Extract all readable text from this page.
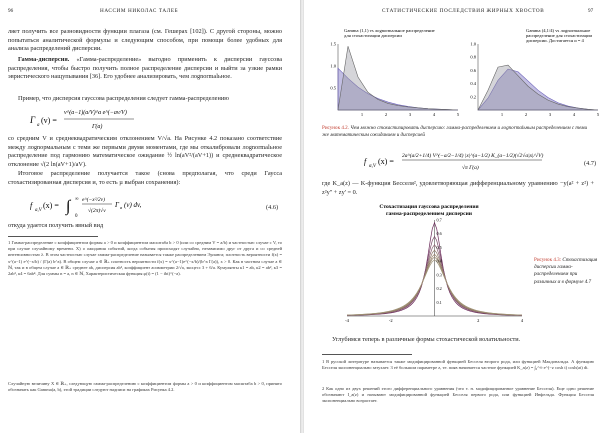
96	НАССИМ НИКОЛАС ТАЛЕБ

ляет получить все разновидности функции плагаза (см. Гешерах [102]). С другой стороны, можно попытаться аналитической формулы и следующим способом, при помощи более удобных для анализа распределений дисперсии.

Гамма-дисперсия. «Гамма-распределение» выгодно применить к дисперсии гауссова распределения, чтобы быстро получить полное распределение дисперсии и выйти за узкие рамки эвристического нащупывания [36]. Его удобнее анализировать, чем лognormalьное.

Пример, что дисперсия гауссова распределения следует гамма-распределению

Γ
a
(v) =
v^(a−1)(a/V)^a e^(−av/V)
Γ(a)

со средним V и среднеквадратическим отклонением V/√a. На Рисунке 4.2 показано соответствие между лognормальным с теми же первыми двумя моментами, где мы откалибровали лognormalьное распределение под гармонию математическое ожидание ½ ln(aV²/(aV+1)) и среднеквадратическое отклонение √(2 ln(aV+1)/aV).

Итоговое распределение получается такое (снова предполагая, что среди Гаусса стохастизированная дисперсия и, то есть µ выбран сохранения):

f
a,V
(x) = ∫ ∞
0
e^(−x²/2v)
√(2π)√v
Γ a (v) dv,	(4.6)

откуда удается получить явный вид

1 Гамма-распределение с коэффициентом формы a > 0 и коэффициентом масштаба b > 0 (или со средним V = a/b) и частностью случае с V, то при случае случайному времени. Х) о ожидания событий, когда события происходят случайно, независимо друг от друга и со средней интенсивностью λ. В этом частностью случае гамма-распределение называется также распределением Эрланга; плотность вероятности f(x) = x^(a−1) e^(−x/b) / (Γ(a) b^a). В общем случае a ∈ ℝ₊ плотность вероятности f(x) = x^(a−1)e^(−x/b)/(b^a Γ(a)), x > 0. Как в частном случае a ∈ ℕ, так и в общем случае a ∈ ℝ₊ среднее ab, дисперсия ab², коэффициент асимметрии 2/√a, эксцесс 3 + 6/a. Кумулянты к1 = ab, к2 = ab², к3 = 2ab³, к4 = 6ab⁴. Для суммы n = a, n ∈ ℕ, Характеристическая функция φ(t) = (1 − ibt)^(−a).

Случайную величину X ∈ ℝ₊, следующую гамма-распределению с коэффициентом формы a > 0 и коэффициентом масштаба b > 0, принято обозначать как Gamma(a, b), этой традиции следуют надписи на графиках Рисунка 4.2.

СТАТИСТИЧЕСКИЕ ПОСЛЕДСТВИЯ ЖИРНЫХ ХВОСТОВ	97
Gamma (1,1) vs лognormальное распределение
для стохастизации дисперсии
1	2	3	4	5
0.5
1.0
1.5
Gamma (4,1/4) vs лognormальное
распределение для стохастизации
дисперсии. Достигается α = 4
1	2	3	4	5
0.2
0.4
0.6
0.8
1.0
Рисунок 4.2. Чем можно стохастизировать дисперсию: гамма-распределением и лognormalьным распределением с теми же математическим ожиданием и дисперсией
f
α,V
(x) =
2a^(a/2+1/4) V^(−a/2−1/4) |x|^(a−1/2) K_(a−1/2)(√2√a|x|/√V)
√π Γ(a)
(4.7)

где K_a(z) — K-функция Бесселя², удовлетворяющая дифференциальному уравнению −y(a² + z²) + z²y'' + zy' = 0.

Стохастизация гауссова распределения
гамма-распределением дисперсии
-4	-2	2	4
0.1
0.2
0.3
0.4
0.5
0.6
0.7
Рисунок 4.3: Стохастизация дисперсии гамма-распределением при различных α в формуле 4.7

Углубимся теперь в различные формы стохастической волатильности.

1 В русской литературе называется также модифицированной функцией Бесселя второго рода, или функцией Макдональда. А функцию Бесселя экспоненциально затухает. 3 её большом параметре z, те. появ начинается частное функцией K_a(z) = ∫₀^∞ e^(−z cosh t) cosh(at) dt.

2 Как одно из двух решений этого дифференциального уравнения (что т. н. модифицированное уравнение Бесселя). Еще одно решение обозначают I_a(z) и называют модифицированной функцией Бесселя первого рода, или функцией Инфельда. Функция Бесселя экспоненциально возрастает.
